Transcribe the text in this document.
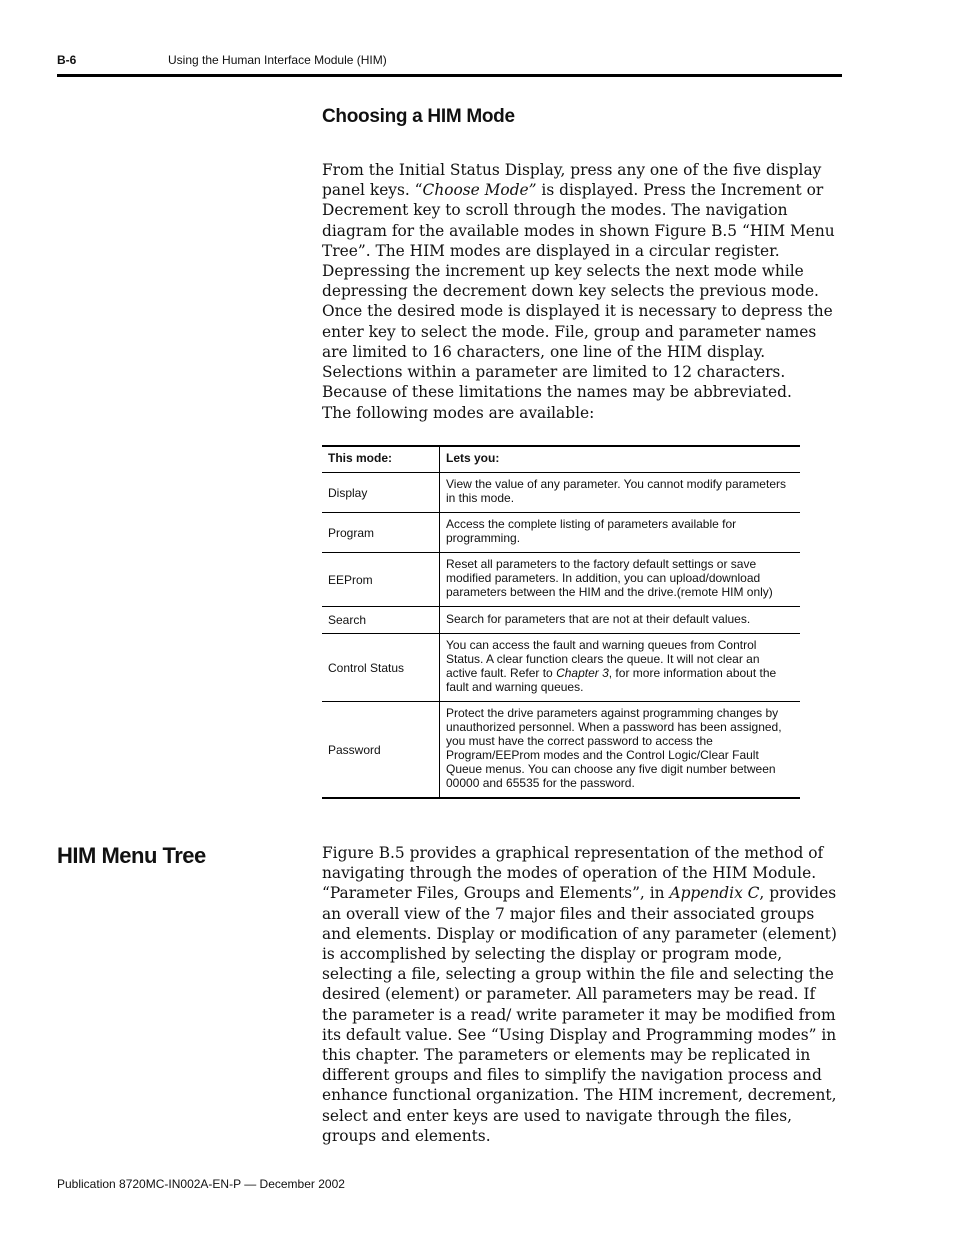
B-6	Using the Human Interface Module (HIM)
Choosing a HIM Mode

From the Initial Status Display, press any one of the five display panel keys. “Choose Mode” is displayed. Press the Increment or Decrement key to scroll through the modes. The navigation diagram for the available modes in shown Figure B.5 “HIM Menu Tree”. The HIM modes are displayed in a circular register. Depressing the increment up key selects the next mode while depressing the decrement down key selects the previous mode. Once the desired mode is displayed it is necessary to depress the enter key to select the mode. File, group and parameter names are limited to 16 characters, one line of the HIM display. Selections within a parameter are limited to 12 characters. Because of these limitations the names may be abbreviated.

The following modes are available:

This mode:	Lets you:
Display	View the value of any parameter. You cannot modify parameters in this mode.
Program	Access the complete listing of parameters available for programming.
EEProm	Reset all parameters to the factory default settings or save modified parameters. In addition, you can upload/download parameters between the HIM and the drive.(remote HIM only)
Search	Search for parameters that are not at their default values.
Control Status	You can access the fault and warning queues from Control Status. A clear function clears the queue. It will not clear an active fault. Refer to Chapter 3, for more information about the fault and warning queues.
Password	Protect the drive parameters against programming changes by unauthorized personnel. When a password has been assigned, you must have the correct password to access the Program/EEProm modes and the Control Logic/Clear Fault Queue menus. You can choose any five digit number between 00000 and 65535 for the password.
HIM Menu Tree	Figure B.5 provides a graphical representation of the method of navigating through the modes of operation of the HIM Module. “Parameter Files, Groups and Elements”, in Appendix C, provides an overall view of the 7 major files and their associated groups and elements. Display or modification of any parameter (element) is accomplished by selecting the display or program mode, selecting a file, selecting a group within the file and selecting the desired (element) or parameter. All parameters may be read. If the parameter is a read/ write parameter it may be modified from its default value. See “Using Display and Programming modes” in this chapter. The parameters or elements may be replicated in different groups and files to simplify the navigation process and enhance functional organization. The HIM increment, decrement, select and enter keys are used to navigate through the files, groups and elements.

Publication 8720MC-IN002A-EN-P — December 2002
